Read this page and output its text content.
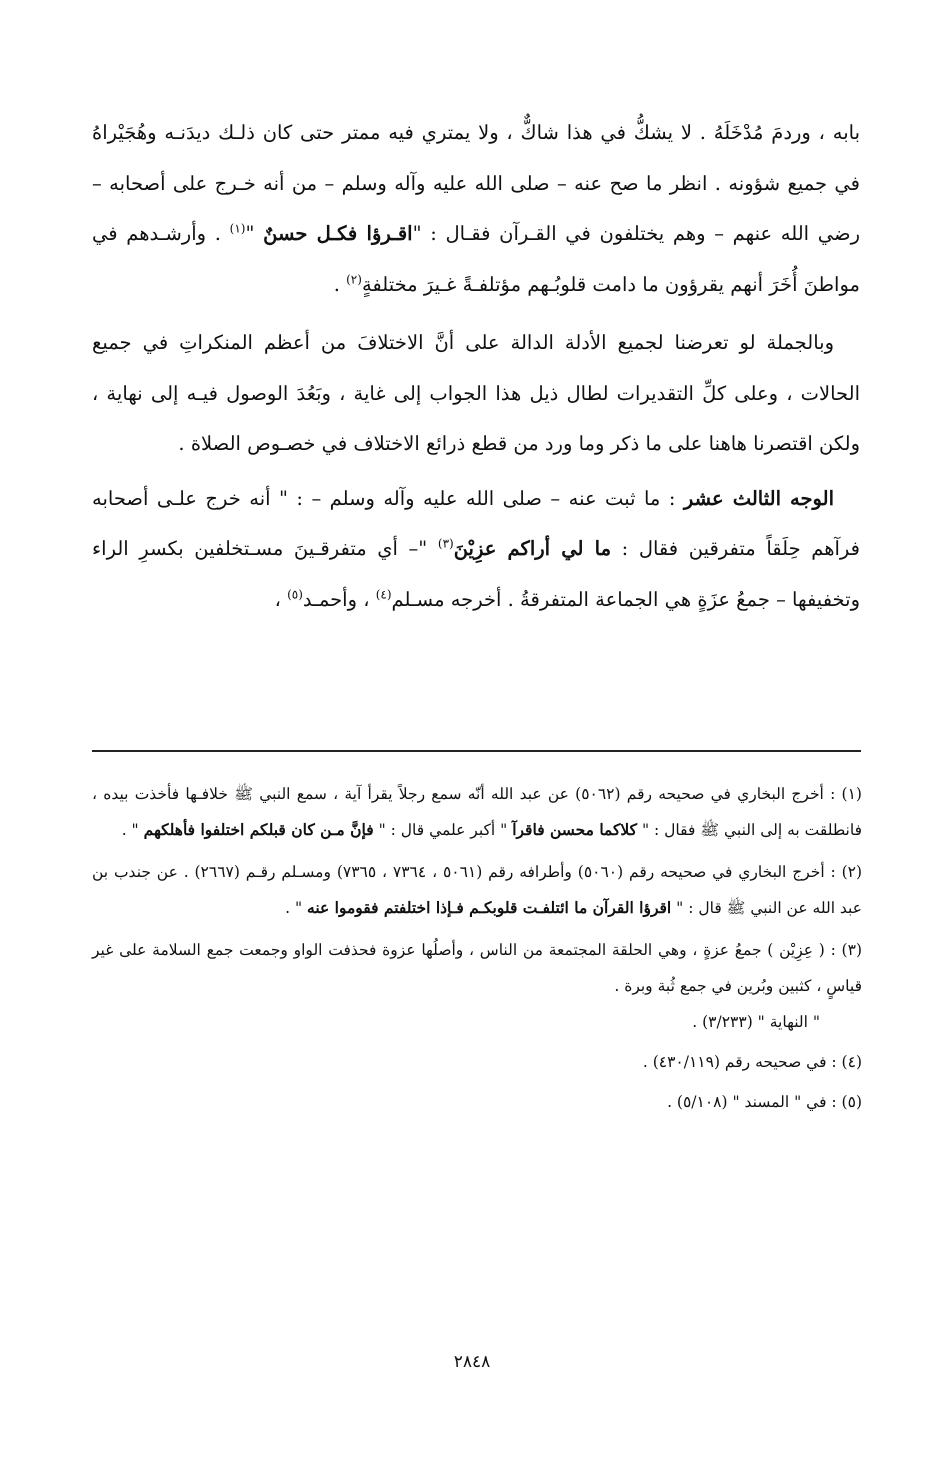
بابه ، وردمَ مُدْخَلَهُ . لا يشكُّ في هذا شاكٌّ ، ولا يمتري فيه ممتر حتى كان ذلـك ديدَنـه وهُجَيْراهُ في جميع شؤونه . انظر ما صح عنه – صلى الله عليه وآله وسلم – من أنه خـرج على أصحابه – رضي الله عنهم – وهم يختلفون في القـرآن فقـال : "اقـرؤا فكـل حسنٌ "$^{(١)}$ . وأرشـدهم في مواطنَ أُخَرَ أنهم يقرؤون ما دامت قلوبُـهم مؤتلفـةً غـيرَ مختلفةٍ$^{(٢)}$ .

وبالجملة لو تعرضنا لجميع الأدلة الدالة على أنَّ الاختلافَ من أعظم المنكراتِ في جميع الحالات ، وعلى كلِّ التقديرات لطال ذيل هذا الجواب إلى غاية ، وبَعُدَ الوصول فيـه إلى نهاية ، ولكن اقتصرنا هاهنا على ما ذكر وما ورد من قطع ذرائع الاختلاف في خصـوص الصلاة .

الوجه الثالث عشر : ما ثبت عنه – صلى الله عليه وآله وسلم – : " أنه خرج علـى أصحابه فرآهم حِلَقاً متفرقين فقال : ما لي أراكم عزِيْنَ$^{(٣)}$ "– أي متفرقـينَ مسـتخلفين بكسرِ الراء وتخفيفها – جمعُ عزَةٍ هي الجماعة المتفرقةُ . أخرجه مسـلم$^{(٤)}$ ، وأحمـد$^{(٥)}$ ،

(١) : أخرج البخاري في صحيحه رقم (٥٠٦٢) عن عبد الله أنّه سمع رجلاً يقرأ آية ، سمع النبي ﷺ خلافـها فأخذت بيده ، فانطلقت به إلى النبي ﷺ فقال : " كلاكما محسن فاقرآ " أكبر علمي قال : " فإنَّ مـن كان قبلكم اختلفوا فأهلكهم " .

(٢) : أخرج البخاري في صحيحه رقم (٥٠٦٠) وأطرافه رقم (٥٠٦١ ، ٧٣٦٤ ، ٧٣٦٥) ومسـلم رقـم (٢٦٦٧) . عن جندب بن عبد الله عن النبي ﷺ قال : " اقرؤا القرآن ما ائتلفـت قلوبكـم فـإذا اختلفتم فقوموا عنه " .

(٣) : ( عِزِيْن ) جمعُ عزةٍ ، وهي الحلقة المجتمعة من الناس ، وأصلُها عزوة فحذفت الواو وجمعت جمع السلامة على غير قياسٍ ، كثبين وبُرين في جمع ثُبة وبرة .

" النهاية " (٣/٢٣٣) .

(٤) : في صحيحه رقم (٤٣٠/١١٩) .

(٥) : في " المسند " (٥/١٠٨) .

٢٨٤٨
